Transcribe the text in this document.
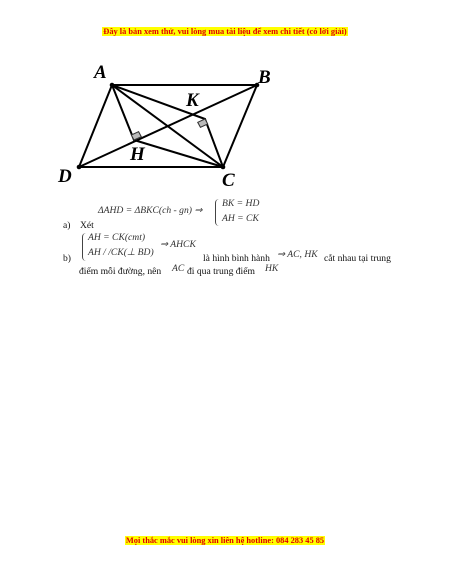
Đây là bản xem thử, vui lòng mua tài liệu để xem chi tiết (có lời giải)
A	B
K
H
D	C
ΔAHD = ΔBKC(ch - gn) ⇒
BK = HD
AH = CK
a) Xét
AH = CK(cmt)
AH / /CK(⊥ BD)
⇒ AHCK
b)	là hình bình hành ⇒ AC, HK cắt nhau tại trung
điểm mỗi đường, nên AC đi qua trung điểm HK
Mọi thắc mắc vui lòng xin liên hệ hotline: 084 283 45 85
